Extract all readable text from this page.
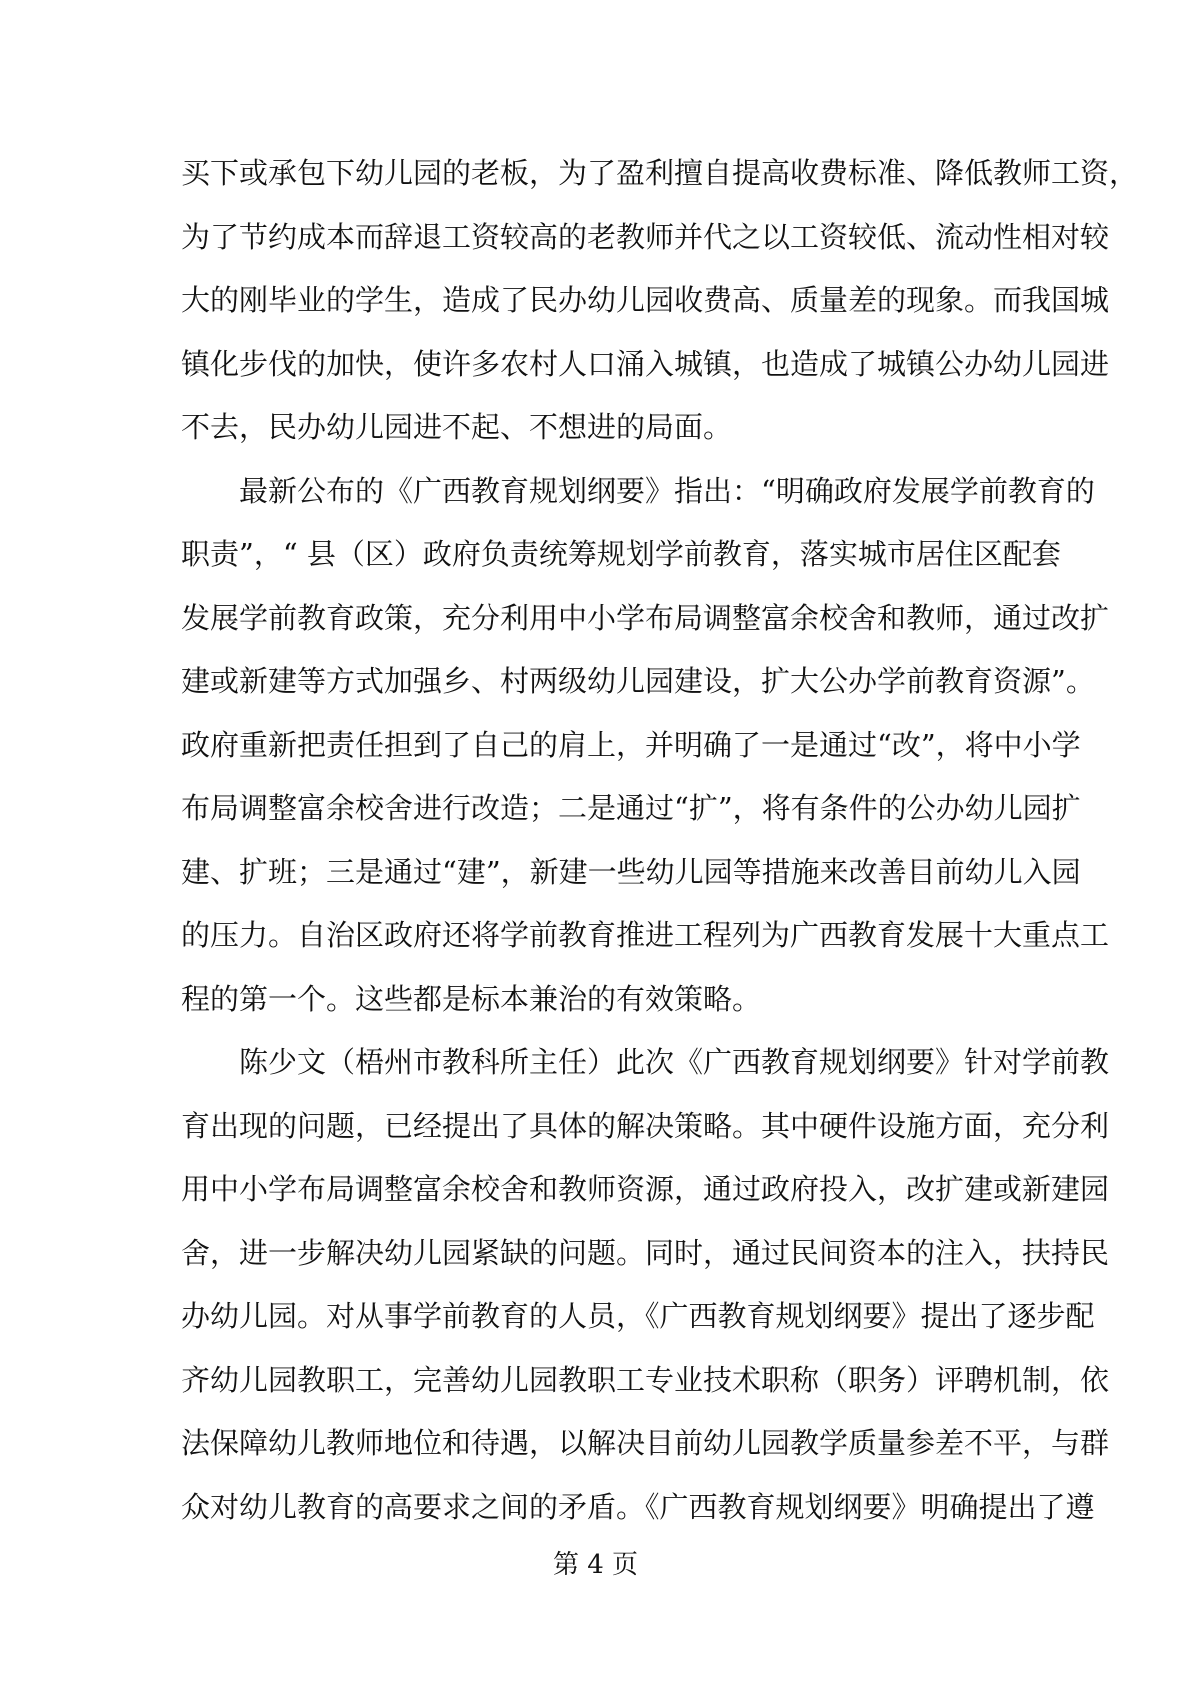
买下或承包下幼儿园的老板，为了盈利擅自提高收费标准、降低教师工资，
为了节约成本而辞退工资较高的老教师并代之以工资较低、流动性相对较
大的刚毕业的学生，造成了民办幼儿园收费高、质量差的现象。而我国城
镇化步伐的加快，使许多农村人口涌入城镇，也造成了城镇公办幼儿园进
不去，民办幼儿园进不起、不想进的局面。
最新公布的《广西教育规划纲要》指出：“明确政府发展学前教育的
职责”，“ 县（区）政府负责统筹规划学前教育，落实城市居住区配套
发展学前教育政策，充分利用中小学布局调整富余校舍和教师，通过改扩
建或新建等方式加强乡、村两级幼儿园建设，扩大公办学前教育资源”。
政府重新把责任担到了自己的肩上，并明确了一是通过“改”，将中小学
布局调整富余校舍进行改造；二是通过“扩”，将有条件的公办幼儿园扩
建、扩班；三是通过“建”，新建一些幼儿园等措施来改善目前幼儿入园
的压力。自治区政府还将学前教育推进工程列为广西教育发展十大重点工
程的第一个。这些都是标本兼治的有效策略。
陈少文（梧州市教科所主任）此次《广西教育规划纲要》针对学前教
育出现的问题，已经提出了具体的解决策略。其中硬件设施方面，充分利
用中小学布局调整富余校舍和教师资源，通过政府投入，改扩建或新建园
舍，进一步解决幼儿园紧缺的问题。同时，通过民间资本的注入，扶持民
办幼儿园。对从事学前教育的人员，《广西教育规划纲要》提出了逐步配
齐幼儿园教职工，完善幼儿园教职工专业技术职称（职务）评聘机制，依
法保障幼儿教师地位和待遇，以解决目前幼儿园教学质量参差不平，与群
众对幼儿教育的高要求之间的矛盾。《广西教育规划纲要》明确提出了遵
第 4 页
